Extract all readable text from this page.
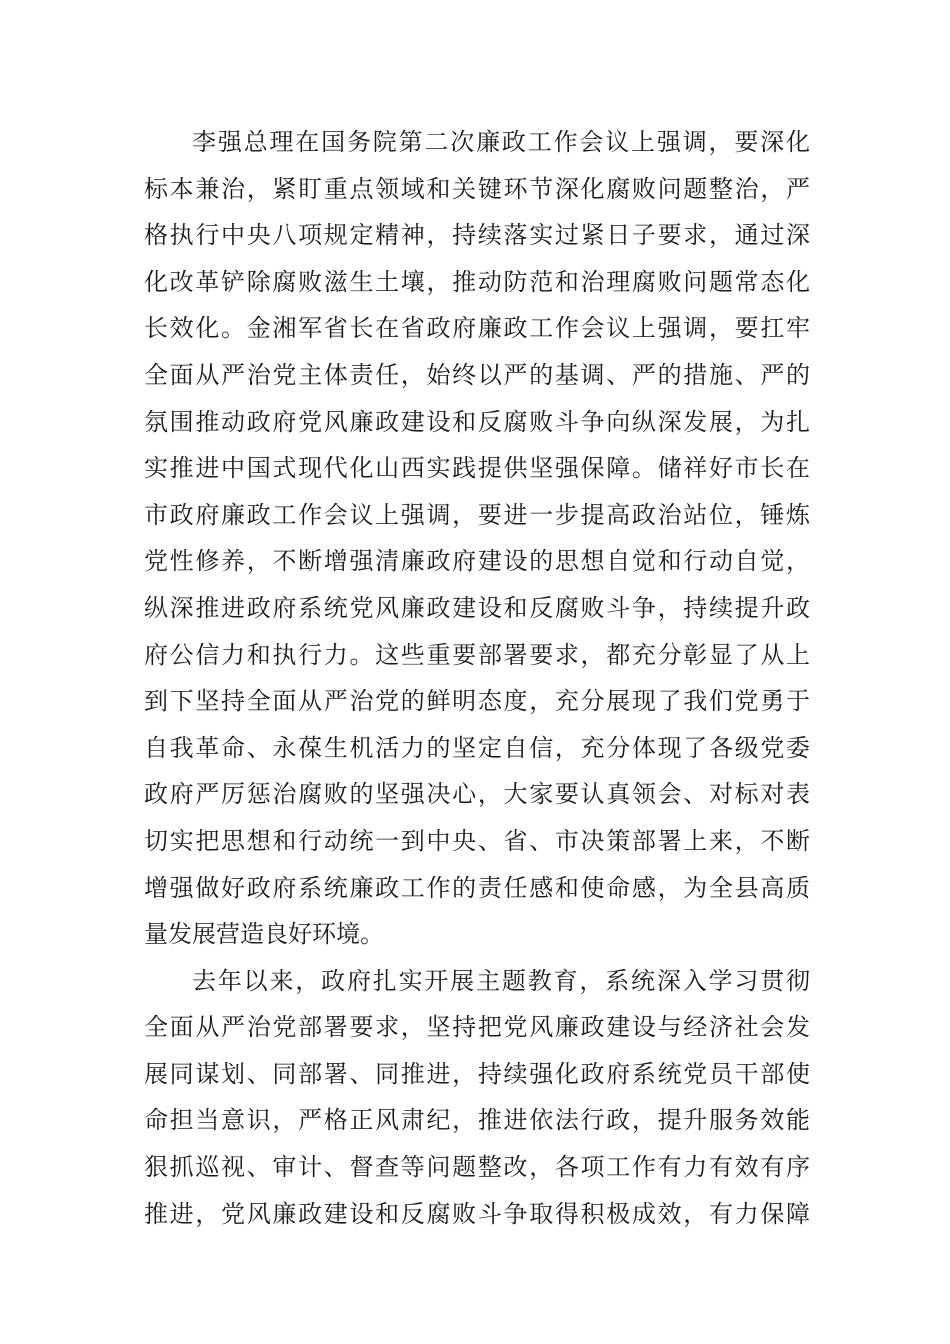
李强总理在国务院第二次廉政工作会议上强调，要深化
标本兼治，紧盯重点领域和关键环节深化腐败问题整治，严
格执行中央八项规定精神，持续落实过紧日子要求，通过深
化改革铲除腐败滋生土壤，推动防范和治理腐败问题常态化
长效化。金湘军省长在省政府廉政工作会议上强调，要扛牢
全面从严治党主体责任，始终以严的基调、严的措施、严的
氛围推动政府党风廉政建设和反腐败斗争向纵深发展，为扎
实推进中国式现代化山西实践提供坚强保障。储祥好市长在
市政府廉政工作会议上强调，要进一步提高政治站位，锤炼
党性修养，不断增强清廉政府建设的思想自觉和行动自觉，
纵深推进政府系统党风廉政建设和反腐败斗争，持续提升政
府公信力和执行力。这些重要部署要求，都充分彰显了从上
到下坚持全面从严治党的鲜明态度，充分展现了我们党勇于
自我革命、永葆生机活力的坚定自信，充分体现了各级党委
政府严厉惩治腐败的坚强决心，大家要认真领会、对标对表
切实把思想和行动统一到中央、省、市决策部署上来，不断
增强做好政府系统廉政工作的责任感和使命感，为全县高质
量发展营造良好环境。
去年以来，政府扎实开展主题教育，系统深入学习贯彻
全面从严治党部署要求，坚持把党风廉政建设与经济社会发
展同谋划、同部署、同推进，持续强化政府系统党员干部使
命担当意识，严格正风肃纪，推进依法行政，提升服务效能
狠抓巡视、审计、督查等问题整改，各项工作有力有效有序
推进，党风廉政建设和反腐败斗争取得积极成效，有力保障
